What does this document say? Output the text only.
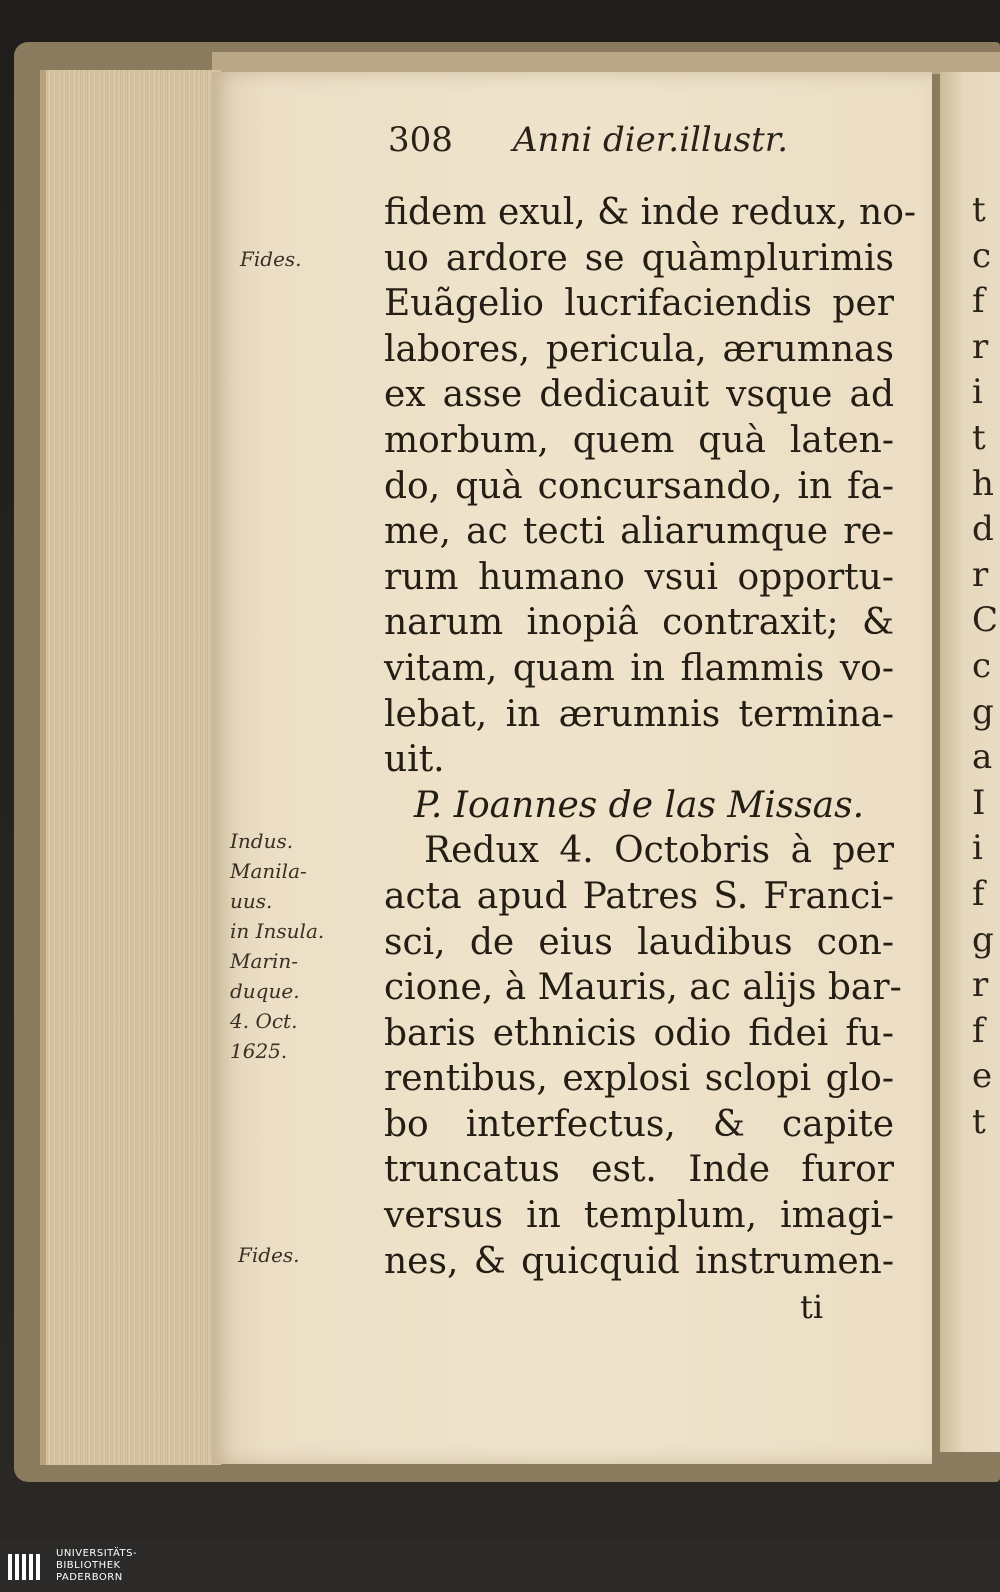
t
c
f
r
i
t
h
d
r
C
c
g
a
I
i
f
g
r
f
e
t
308 Anni dier.illustr.
fidem exul, & inde redux, no-
uo ardore se quàmplurimis
Euãgelio lucrifaciendis per
labores, pericula, ærumnas
ex asse dedicauit vsque ad
morbum, quem quà laten-
do, quà concursando, in fa-
me, ac tecti aliarumque re-
rum humano vsui opportu-
narum inopiâ contraxit; &
vitam, quam in flammis vo-
lebat, in ærumnis termina-
uit.
P. Ioannes de las Missas.
Redux 4. Octobris à per
acta apud Patres S. Franci-
sci, de eius laudibus con-
cione, à Mauris, ac alijs bar-
baris ethnicis odio fidei fu-
rentibus, explosi sclopi glo-
bo interfectus, & capite
truncatus est. Inde furor
versus in templum, imagi-
nes, & quicquid instrumen-
ti
Fides.
Indus.
Manila-
uus.
in Insula.
Marin-
duque.
4. Oct.
1625.
Fides.
UNIVERSITÄTS-
BIBLIOTHEK
PADERBORN
